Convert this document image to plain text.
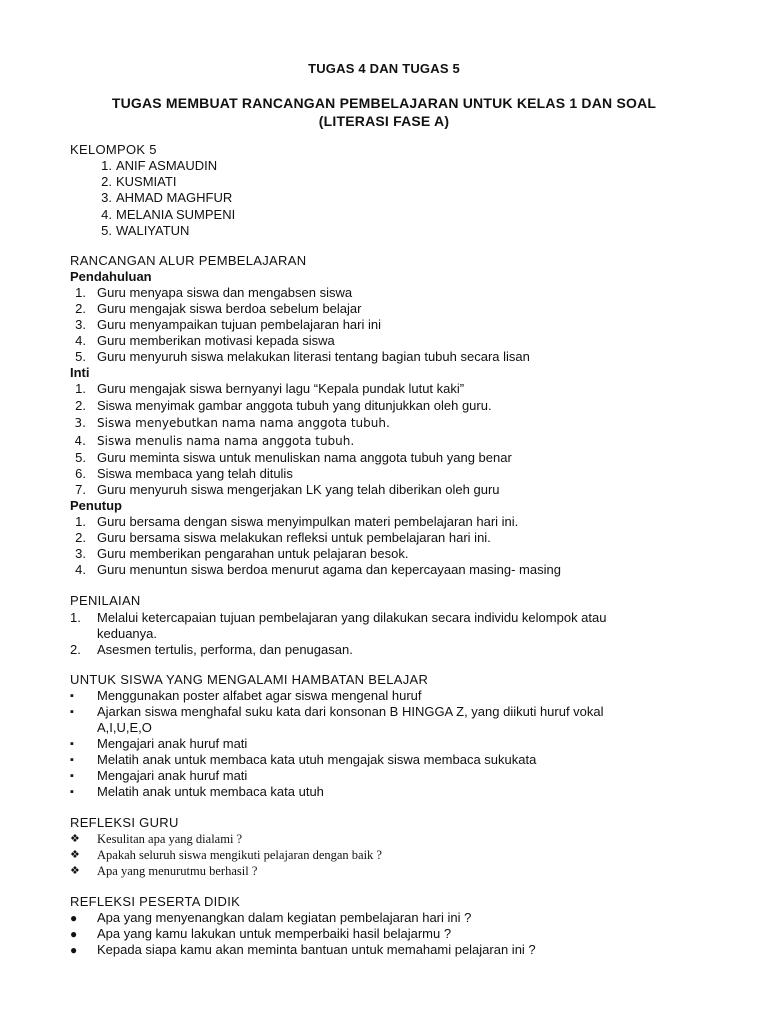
TUGAS 4 DAN TUGAS 5
TUGAS MEMBUAT RANCANGAN PEMBELAJARAN UNTUK KELAS 1 DAN SOAL
(LITERASI FASE A)
KELOMPOK 5
1. ANIF ASMAUDIN
2. KUSMIATI
3. AHMAD MAGHFUR
4. MELANIA SUMPENI
5. WALIYATUN
RANCANGAN ALUR PEMBELAJARAN
Pendahuluan
1. Guru menyapa siswa dan mengabsen siswa
2. Guru mengajak siswa berdoa sebelum belajar
3. Guru menyampaikan tujuan pembelajaran hari ini
4. Guru memberikan motivasi kepada siswa
5. Guru menyuruh siswa melakukan literasi tentang bagian tubuh secara lisan
Inti
1. Guru mengajak siswa bernyanyi lagu “Kepala pundak lutut kaki”
2. Siswa menyimak gambar anggota tubuh yang ditunjukkan oleh guru.
3. Siswa menyebutkan nama nama anggota tubuh.
4. Siswa menulis nama nama anggota tubuh.
5. Guru meminta siswa untuk menuliskan nama anggota tubuh yang benar
6. Siswa membaca yang telah ditulis
7. Guru menyuruh siswa mengerjakan LK yang telah diberikan oleh guru
Penutup
1. Guru bersama dengan siswa menyimpulkan materi pembelajaran hari ini.
2. Guru bersama siswa melakukan refleksi untuk pembelajaran hari ini.
3. Guru memberikan pengarahan untuk pelajaran besok.
4. Guru menuntun siswa berdoa menurut agama dan kepercayaan masing- masing
PENILAIAN
1.	Melalui ketercapaian tujuan pembelajaran yang dilakukan secara individu kelompok atau keduanya.
2.	Asesmen tertulis, performa, dan penugasan.
UNTUK SISWA YANG MENGALAMI HAMBATAN BELAJAR
▪	Menggunakan poster alfabet agar siswa mengenal huruf
▪	Ajarkan siswa menghafal suku kata dari konsonan B HINGGA Z, yang diikuti huruf vokal A,I,U,E,O
▪	Mengajari anak huruf mati
▪	Melatih anak untuk membaca kata utuh mengajak siswa membaca sukukata
▪	Mengajari anak huruf mati
▪	Melatih anak untuk membaca kata utuh
REFLEKSI GURU
❖	Kesulitan apa yang dialami ?
❖	Apakah seluruh siswa mengikuti pelajaran dengan baik ?
❖	Apa yang menurutmu berhasil ?
REFLEKSI PESERTA DIDIK
●	Apa yang menyenangkan dalam kegiatan pembelajaran hari ini ?
●	Apa yang kamu lakukan untuk memperbaiki hasil belajarmu ?
●	Kepada siapa kamu akan meminta bantuan untuk memahami pelajaran ini ?
